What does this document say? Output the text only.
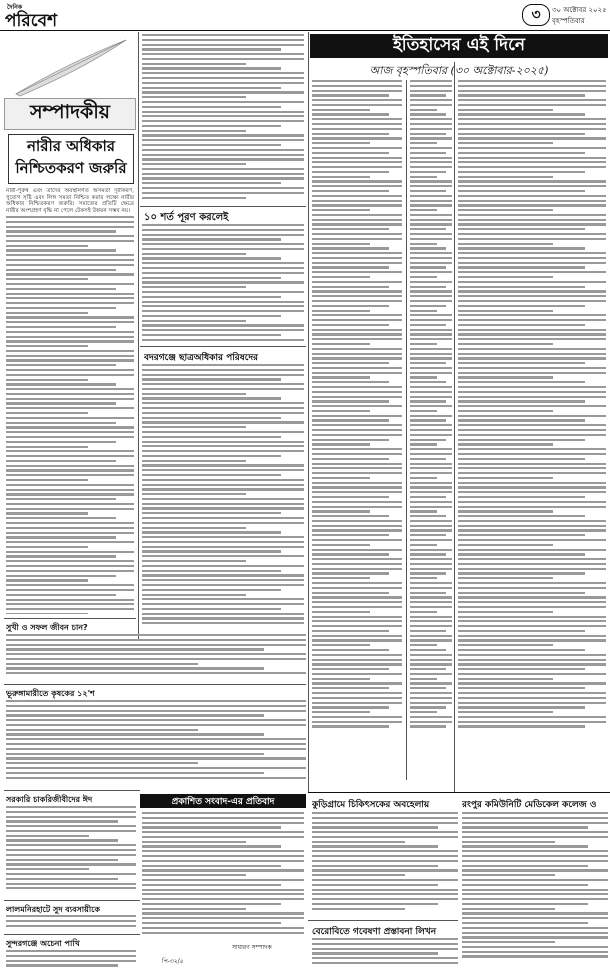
দৈনিক
পরিবেশ	৩ ৩০ অক্টোবর ২০২৫
বৃহস্পতিবার
সম্পাদকীয়
নারীর অধিকার নিশ্চিতকরণ জরুরি
নারী-পুরুষ এবং তাদের অবস্থানগত অসমতা দূরীকরণ, সুযোগ সৃষ্টি এবং লিঙ্গ সমতা নিশ্চিত করার লক্ষ্যে নারীর অধিকার নিশ্চিতকরণ জরুরি। সমাজের প্রতিটি ক্ষেত্রে নারীর অংশগ্রহণ বৃদ্ধি না পেলে টেকসই উন্নয়ন সম্ভব নয়।
সুখী ও সফল জীবন চান?
ভূরুঙ্গামারীতে কৃষকের ১২'শ
সরকারি চাকরিজীবীদের ঈদ
লালমনিরহাটে সুদ ব্যবসায়ীকে
সুন্দরগঞ্জে অচেনা পাখি
১০ শর্ত পূরণ করলেই
বদরগঞ্জে ছাত্রঅধিকার পরিষদের
প্রকাশিত সংবাদ-এর প্রতিবাদ
সাধারণ সম্পাদক
পি-৩২/৫
ইতিহাসের এই দিনে
আজ বৃহস্পতিবার (৩০ অক্টোবার-২০২৫)
কুড়িগ্রামে চিকিৎসকের অবহেলায়	রংপুর কমিউনিটি মেডিকেল কলেজ ও
বেরোবিতে গবেষণা প্রস্তাবনা লিখন
